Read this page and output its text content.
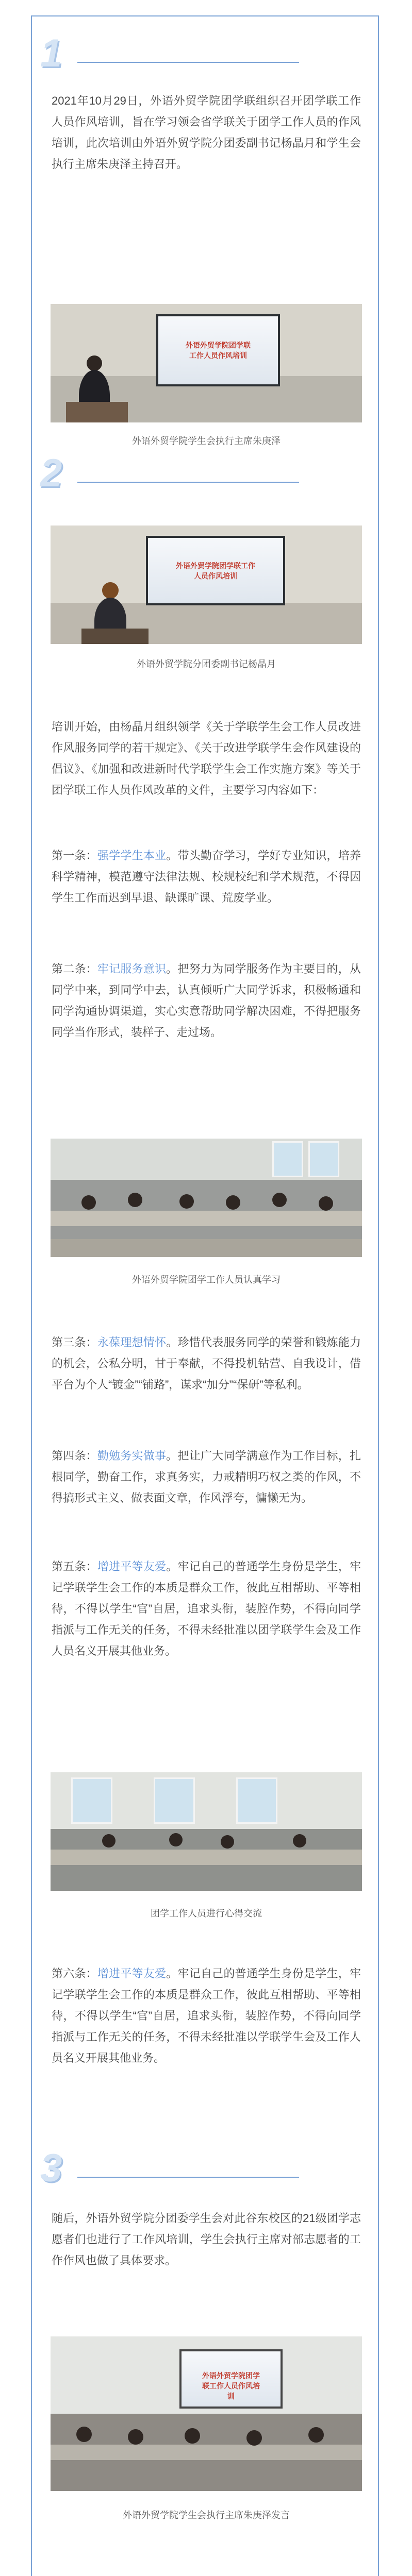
1

2021年10月29日，外语外贸学院团学联组织召开团学联工作人员作风培训，旨在学习领会省学联关于团学工作人员的作风培训，此次培训由外语外贸学院分团委副书记杨晶月和学生会执行主席朱庚泽主持召开。

外语外贸学院团学联工作人员作风培训
外语外贸学院学生会执行主席朱庚泽
2
外语外贸学院团学联工作人员作风培训
外语外贸学院分团委副书记杨晶月

培训开始，由杨晶月组织领学《关于学联学生会工作人员改进作风服务同学的若干规定》、《关于改进学联学生会作风建设的倡议》、《加强和改进新时代学联学生会工作实施方案》等关于团学联工作人员作风改革的文件，主要学习内容如下：

第一条：强学学生本业。带头勤奋学习，学好专业知识，培养科学精神，模范遵守法律法规、校规校纪和学术规范，不得因学生工作而迟到早退、缺课旷课、荒废学业。

第二条：牢记服务意识。把努力为同学服务作为主要目的，从同学中来，到同学中去，认真倾听广大同学诉求，积极畅通和同学沟通协调渠道，实心实意帮助同学解决困难，不得把服务同学当作形式，装样子、走过场。

外语外贸学院团学工作人员认真学习

第三条：永葆理想情怀。珍惜代表服务同学的荣誉和锻炼能力的机会，公私分明，甘于奉献，不得投机钻营、自我设计，借平台为个人“镀金”“铺路”，谋求“加分”“保研”等私利。

第四条：勤勉务实做事。把让广大同学满意作为工作目标，扎根同学，勤奋工作，求真务实，力戒精明巧权之类的作风，不得搞形式主义、做表面文章，作风浮夸，慵懒无为。

第五条：增进平等友爱。牢记自己的普通学生身份是学生，牢记学联学生会工作的本质是群众工作，彼此互相帮助、平等相待，不得以学生“官”自居，追求头衔，装腔作势，不得向同学指派与工作无关的任务，不得未经批准以团学联学生会及工作人员名义开展其他业务。

团学工作人员进行心得交流

第六条：增进平等友爱。牢记自己的普通学生身份是学生，牢记学联学生会工作的本质是群众工作，彼此互相帮助、平等相待，不得以学生“官”自居，追求头衔，装腔作势，不得向同学指派与工作无关的任务，不得未经批准以学联学生会及工作人员名义开展其他业务。

3

随后，外语外贸学院分团委学生会对此谷东校区的21级团学志愿者们也进行了工作风培训，学生会执行主席对部志愿者的工作作风也做了具体要求。

外语外贸学院团学联工作人员作风培训
外语外贸学院学生会执行主席朱庚泽发言
